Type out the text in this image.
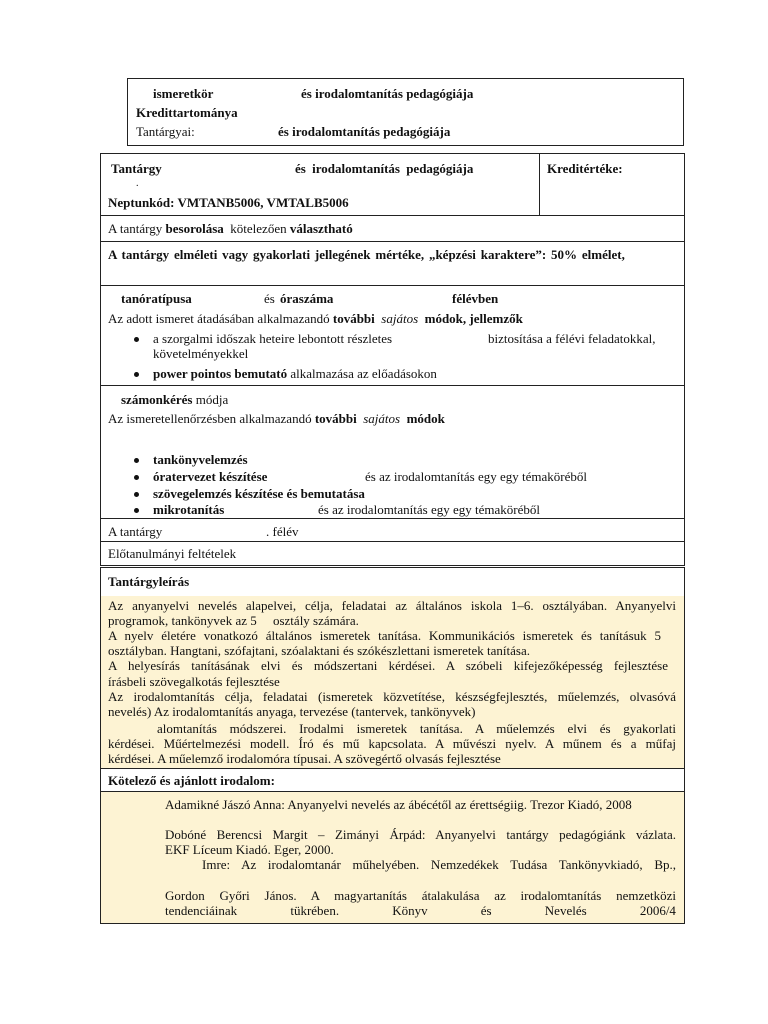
ismeretkör	és irodalomtanítás pedagógiája
Kredittartománya
Tantárgyai:	és irodalomtanítás pedagógiája
Tantárgy	és irodalomtanítás pedagógiája
.
Kreditértéke:
Neptunkód: VMTANB5006, VMTALB5006
A tantárgy besorolása kötelezően választható
A tantárgy elméleti vagy gyakorlati jellegének mértéke, „képzési karaktere”: 50% elmélet,
tanóratípusa	és óraszáma	félévben
Az adott ismeret átadásában alkalmazandó további sajátos módok, jellemzők
a szorgalmi időszak heteire lebontott részletes	biztosítása a félévi feladatokkal,
követelményekkel
power pointos bemutató alkalmazása az előadásokon
számonkérés módja
Az ismeretellenőrzésben alkalmazandó további sajátos módok
tankönyvelemzés
óratervezet készítése	és az irodalomtanítás egy egy témaköréből
szövegelemzés készítése és bemutatása
mikrotanítás	és az irodalomtanítás egy egy témaköréből
A tantárgy	. félév
Előtanulmányi feltételek
Tantárgyleírás
Az anyanyelvi nevelés alapelvei, célja, feladatai az általános iskola 1–6. osztályában. Anyanyelvi
programok, tankönyvek az 5     osztály számára.
A nyelv életére vonatkozó általános ismeretek tanítása. Kommunikációs ismeretek és tanításuk 5
osztályban. Hangtani, szófajtani, szóalaktani és szókészlettani ismeretek tanítása.
A helyesírás tanításának elvi és módszertani kérdései. A szóbeli kifejezőképesség fejlesztése
írásbeli szövegalkotás fejlesztése
Az irodalomtanítás célja, feladatai (ismeretek közvetítése, készségfejlesztés, műelemzés, olvasóvá
nevelés) Az irodalomtanítás anyaga, tervezése (tantervek, tankönyvek)
alomtanítás módszerei. Irodalmi ismeretek tanítása. A műelemzés elvi és gyakorlati
kérdései. Műértelmezési modell. Író és mű kapcsolata. A művészi nyelv. A műnem és a műfaj
kérdései. A műelemző irodalomóra típusai. A szövegértő olvasás fejlesztése
Kötelező és ajánlott irodalom:
Adamikné Jászó Anna: Anyanyelvi nevelés az ábécétől az érettségiig. Trezor Kiadó, 2008
Dobóné Berencsi Margit – Zimányi Árpád: Anyanyelvi tantárgy pedagógiánk vázlata.
EKF Líceum Kiadó. Eger, 2000.
Imre: Az irodalomtanár műhelyében. Nemzedékek Tudása Tankönyvkiadó, Bp.,
Gordon Győri János. A magyartanítás átalakulása az irodalomtanítás nemzetközi
tendenciáinak	tükrében.	Könyv	és	Nevelés	2006/4
